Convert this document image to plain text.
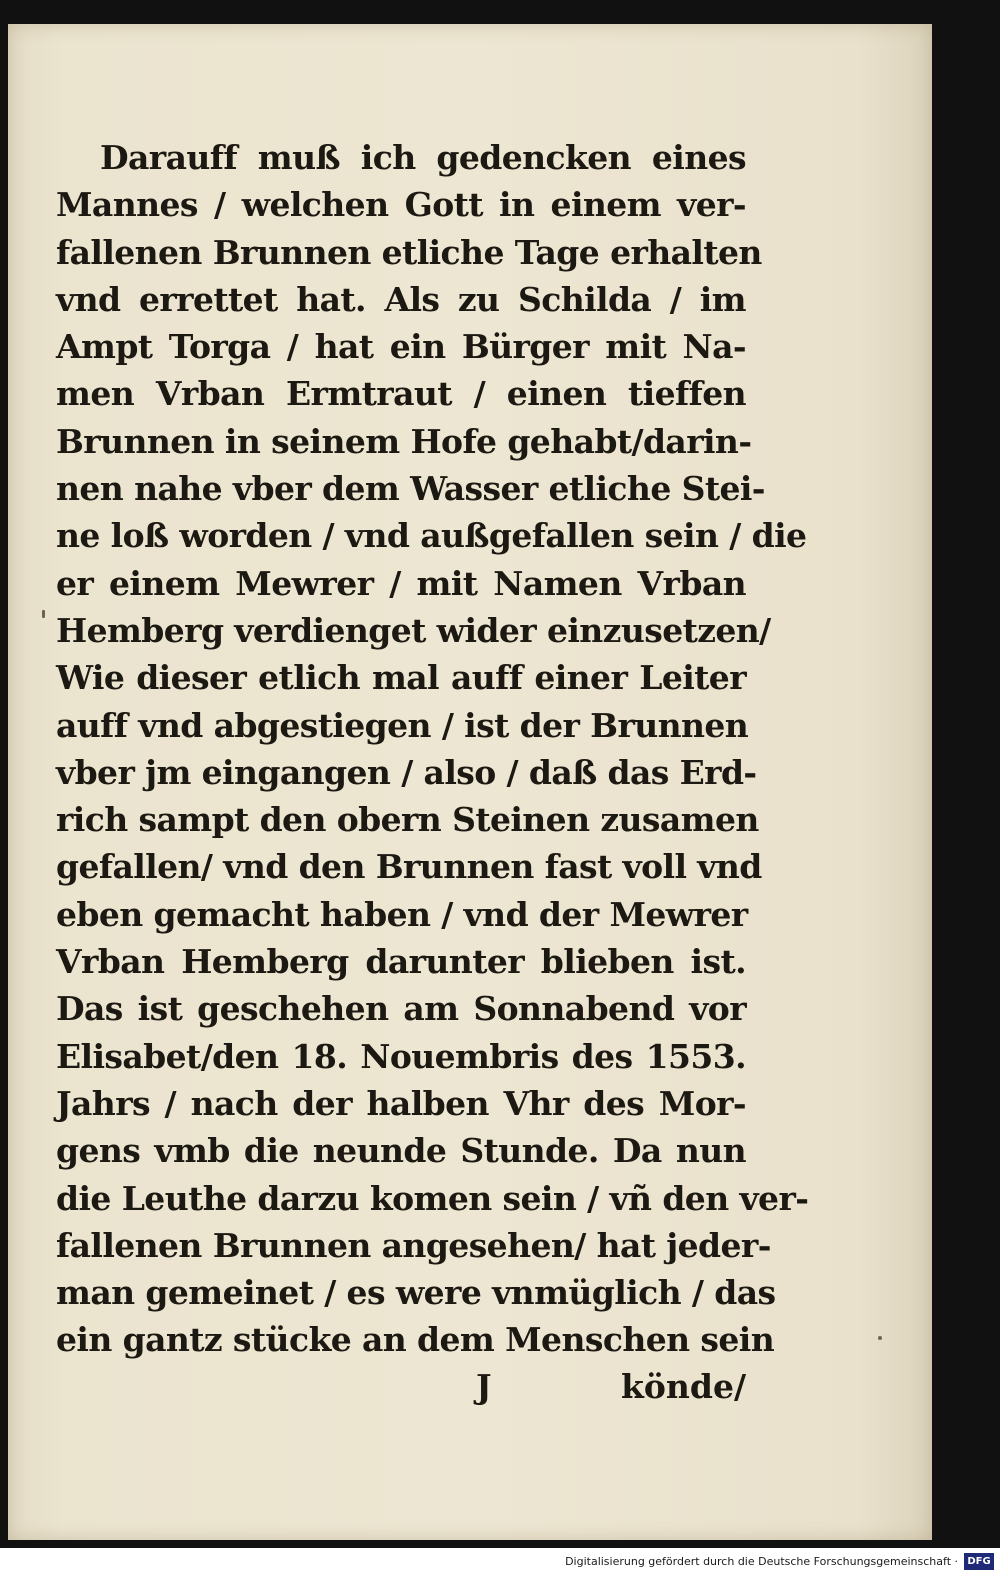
Darauff muß ich gedencken eines
Mannes / welchen Gott in einem ver-
fallenen Brunnen etliche Tage erhalten
vnd errettet hat. Als zu Schilda / im
Ampt Torga / hat ein Bürger mit Na-
men Vrban Ermtraut / einen tieffen
Brunnen in seinem Hofe gehabt/darin-
nen nahe vber dem Wasser etliche Stei-
ne loß worden / vnd außgefallen sein / die
er einem Mewrer / mit Namen Vrban
Hemberg verdienget wider einzusetzen/
Wie dieser etlich mal auff einer Leiter
auff vnd abgestiegen / ist der Brunnen
vber jm eingangen / also / daß das Erd-
rich sampt den obern Steinen zusamen
gefallen/ vnd den Brunnen fast voll vnd
eben gemacht haben / vnd der Mewrer
Vrban Hemberg darunter blieben ist.
Das ist geschehen am Sonnabend vor
Elisabet/den 18. Nouembris des 1553.
Jahrs / nach der halben Vhr des Mor-
gens vmb die neunde Stunde. Da nun
die Leuthe darzu komen sein / vñ den ver-
fallenen Brunnen angesehen/ hat jeder-
man gemeinet / es were vnmüglich / das
ein gantz stücke an dem Menschen sein
J	könde/
Digitalisierung gefördert durch die Deutsche Forschungsgemeinschaft · DFG
